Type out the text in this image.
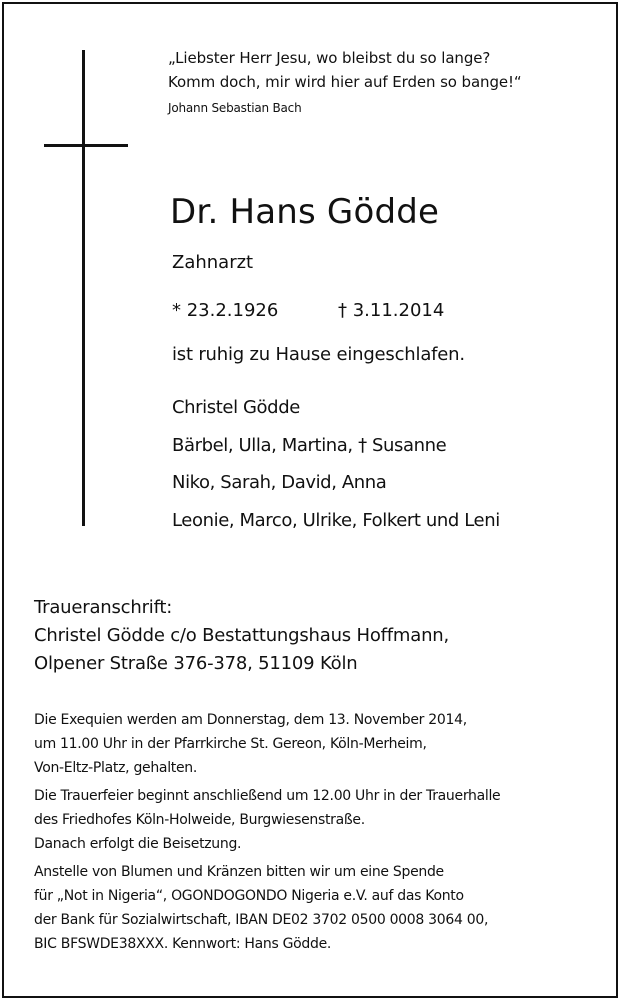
„Liebster Herr Jesu, wo bleibst du so lange?
Komm doch, mir wird hier auf Erden so bange!“
Johann Sebastian Bach
Dr. Hans Gödde
Zahnarzt
* 23.2.1926	† 3.11.2014
ist ruhig zu Hause eingeschlafen.
Christel Gödde
Bärbel, Ulla, Martina, † Susanne
Niko, Sarah, David, Anna
Leonie, Marco, Ulrike, Folkert und Leni
Traueranschrift:
Christel Gödde c/o Bestattungshaus Hoffmann,
Olpener Straße 376-378, 51109 Köln
Die Exequien werden am Donnerstag, dem 13. November 2014,
um 11.00 Uhr in der Pfarrkirche St. Gereon, Köln-Merheim,
Von-Eltz-Platz, gehalten.
Die Trauerfeier beginnt anschließend um 12.00 Uhr in der Trauerhalle
des Friedhofes Köln-Holweide, Burgwiesenstraße.
Danach erfolgt die Beisetzung.
Anstelle von Blumen und Kränzen bitten wir um eine Spende
für „Not in Nigeria“, OGONDOGONDO Nigeria e.V. auf das Konto
der Bank für Sozialwirtschaft, IBAN DE02 3702 0500 0008 3064 00,
BIC BFSWDE38XXX. Kennwort: Hans Gödde.
